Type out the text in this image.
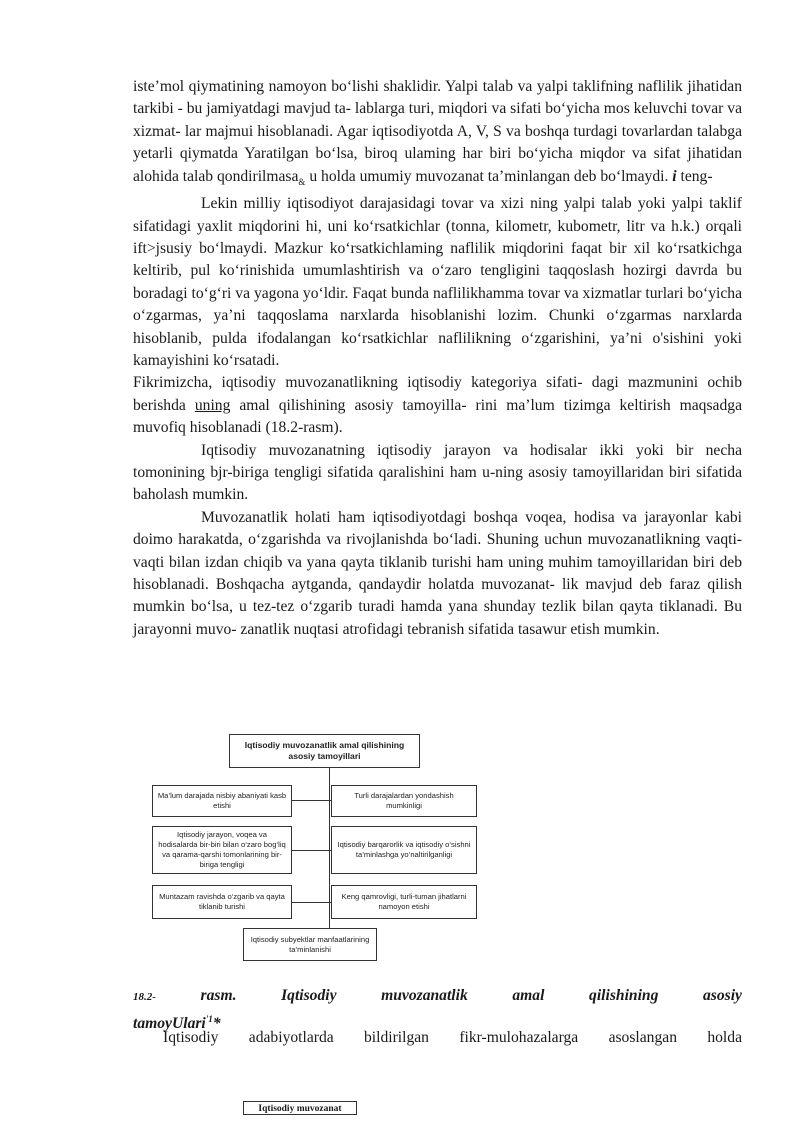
iste’mol qiymatining namoyon bo‘lishi shaklidir. Yalpi talab va yalpi taklifning naflilik jihatidan tarkibi - bu jamiyatdagi mavjud ta- lablarga turi, miqdori va sifati bo‘yicha mos keluvchi tovar va xizmat- lar majmui hisoblanadi. Agar iqtisodiyotda A, V, S va boshqa turdagi tovarlardan talabga yetarli qiymatda Yaratilgan bo‘lsa, biroq ulaming har biri bo‘yicha miqdor va sifat jihatidan alohida talab qondirilmasa$_{\&}$ u holda umumiy muvozanat ta’minlangan deb bo‘lmaydi. i teng-

Lekin milliy iqtisodiyot darajasidagi tovar va xizi ning yalpi talab yoki yalpi taklif sifatidagi yaxlit miqdorini hi, uni ko‘rsatkichlar (tonna, kilometr, kubometr, litr va h.k.) orqali ift>jsusiy bo‘lmaydi. Mazkur ko‘rsatkichlaming naflilik miqdorini faqat bir xil ko‘rsatkichga keltirib, pul ko‘rinishida umumlashtirish va o‘zaro tengligini taqqoslash hozirgi davrda bu boradagi to‘g‘ri va yagona yo‘ldir. Faqat bunda naflilikhamma tovar va xizmatlar turlari bo‘yicha o‘zgarmas, ya’ni taqqoslama narxlarda hisoblanishi lozim. Chunki o‘zgarmas narxlarda hisoblanib, pulda ifodalangan ko‘rsatkichlar naflilikning o‘zgarishini, ya’ni o'sishini yoki kamayishini ko‘rsatadi.

Fikrimizcha, iqtisodiy muvozanatlikning iqtisodiy kategoriya sifati- dagi mazmunini ochib berishda uning amal qilishining asosiy tamoyilla- rini ma’lum tizimga keltirish maqsadga muvofiq hisoblanadi (18.2-rasm).

Iqtisodiy muvozanatning iqtisodiy jarayon va hodisalar ikki yoki bir necha tomonining bjr-biriga tengligi sifatida qaralishini ham u-ning asosiy tamoyillaridan biri sifatida baholash mumkin.

Muvozanatlik holati ham iqtisodiyotdagi boshqa voqea, hodisa va jarayonlar kabi doimo harakatda, o‘zgarishda va rivojlanishda bo‘ladi. Shuning uchun muvozanatlikning vaqti-vaqti bilan izdan chiqib va yana qayta tiklanib turishi ham uning muhim tamoyillaridan biri deb hisoblanadi. Boshqacha aytganda, qandaydir holatda muvozanat- lik mavjud deb faraz qilish mumkin bo‘lsa, u tez-tez o‘zgarib turadi hamda yana shunday tezlik bilan qayta tiklanadi. Bu jarayonni muvo- zanatlik nuqtasi atrofidagi tebranish sifatida tasawur etish mumkin.

Iqtisodiy muvozanatlik amal qilishining asosiy tamoyillari
Ma’lum darajada nisbiy abaniyati kasb etishi
Iqtisodiy jarayon, voqea va hodisalarda bir-biri bilan o‘zaro bog‘liq va qarama-qarshi tomonlarining bir-biriga tengligi
Muntazam ravishda o‘zgarib va qayta tiklanib turishi
Turli darajalardan yondashish mumkinligi
Iqtisodiy barqarorlik va iqtisodiy o‘sishni ta’minlashga yo‘naltirilganligi
Keng qamrovligi, turli-tuman jihatlarni namoyon etishi
Iqtisodiy subyektlar manfaatlarining ta’minlanishi
18.2-	rasm.	Iqtisodiy	muvozanatlik	amal	qilishining	asosiy
tamoyUlari$^{'1}$*
Iqtisodiy adabiyotlarda bildirilgan fikr-mulohazalarga asoslangan holda
Iqtisodiy muvozanat
